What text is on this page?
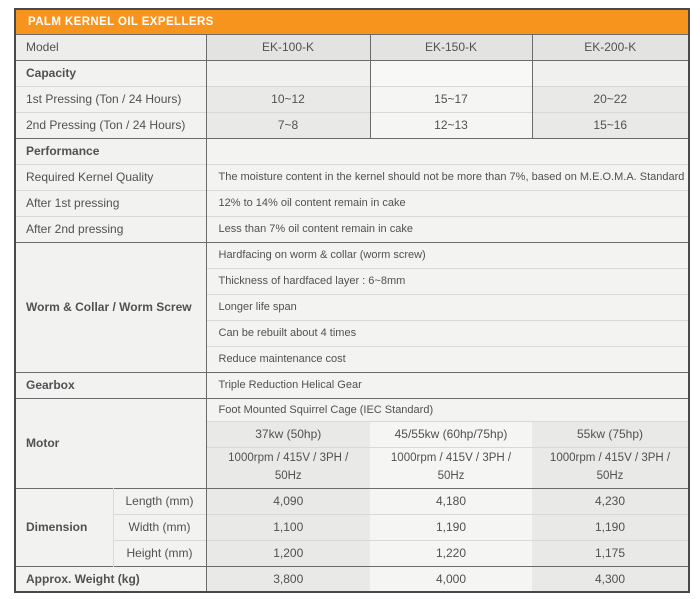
PALM KERNEL OIL EXPELLERS				
Model		EK-100-K	EK-150-K	EK-200-K
Capacity				
1st Pressing (Ton / 24 Hours)		10~12	15~17	20~22
2nd Pressing (Ton / 24 Hours)		7~8	12~13	15~16
Performance				
Required Kernel Quality		The moisture content in the kernel should not be more than 7%, based on M.E.O.M.A. Standard		
After 1st pressing		12% to 14% oil content remain in cake		
After 2nd pressing		Less than 7% oil content remain in cake		
Worm & Collar / Worm Screw		Hardfacing on worm & collar (worm screw)		
		Thickness of hardfaced layer : 6~8mm		
		Longer life span		
		Can be rebuilt about 4 times		
		Reduce maintenance cost		
Gearbox		Triple Reduction Helical Gear		
Motor		Foot Mounted Squirrel Cage (IEC Standard)		
		37kw (50hp)	45/55kw (60hp/75hp)	55kw (75hp)
		1000rpm / 415V / 3PH / 50Hz	1000rpm / 415V / 3PH / 50Hz	1000rpm / 415V / 3PH / 50Hz
Dimension	Length (mm)	4,090	4,180	4,230
	Width (mm)	1,100	1,190	1,190
	Height (mm)	1,200	1,220	1,175
Approx. Weight (kg)		3,800	4,000	4,300
